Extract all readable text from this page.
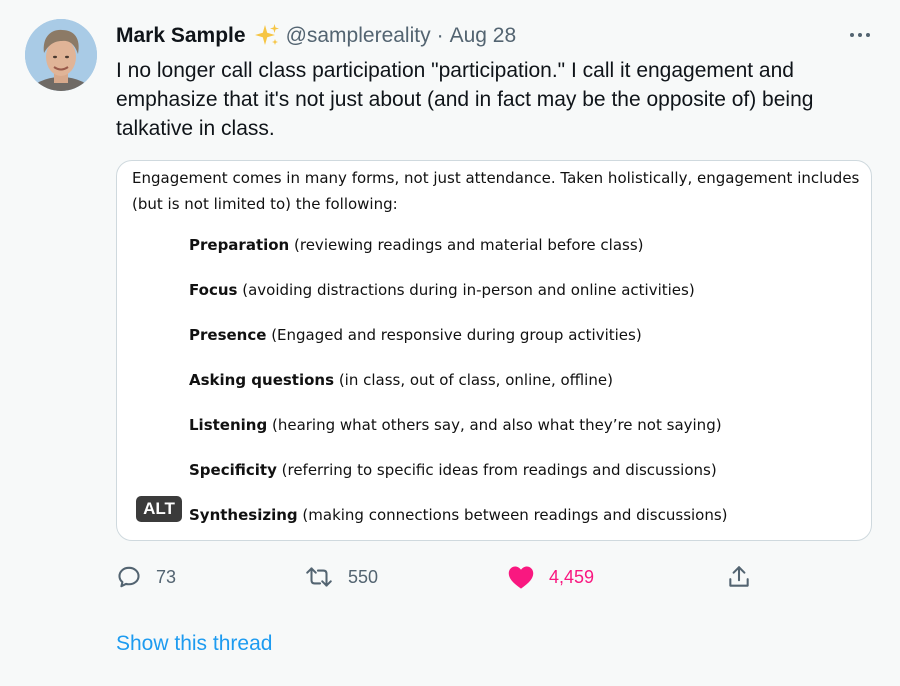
Mark Sample @samplereality · Aug 28

I no longer call class participation "participation." I call it engagement and emphasize that it's not just about (and in fact may be the opposite of) being talkative in class.

Engagement comes in many forms, not just attendance. Taken holistically, engagement includes (but is not limited to) the following:

Preparation (reviewing readings and material before class)
Focus (avoiding distractions during in-person and online activities)
Presence (Engaged and responsive during group activities)
Asking questions (in class, out of class, online, offline)
Listening (hearing what others say, and also what they’re not saying)
Specificity (referring to specific ideas from readings and discussions)
Synthesizing (making connections between readings and discussions)
ALT
73	550	4,459
Show this thread
